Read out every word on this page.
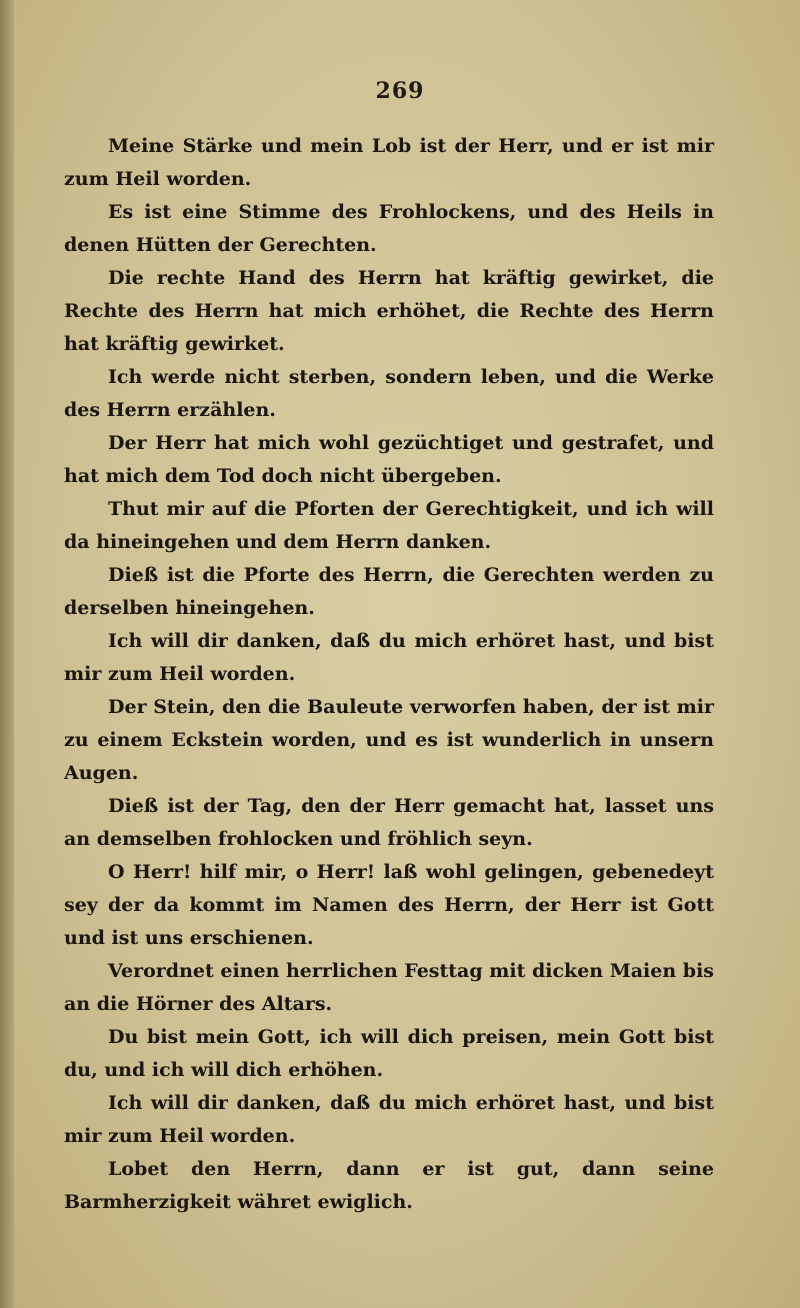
269

Meine Stärke und mein Lob ist der Herr, und er ist mir zum Heil worden.

Es ist eine Stimme des Frohlockens, und des Heils in denen Hütten der Gerechten.

Die rechte Hand des Herrn hat kräftig gewirket, die Rechte des Herrn hat mich erhöhet, die Rechte des Herrn hat kräftig gewirket.

Ich werde nicht sterben, sondern leben, und die Werke des Herrn erzählen.

Der Herr hat mich wohl gezüchtiget und gestrafet, und hat mich dem Tod doch nicht übergeben.

Thut mir auf die Pforten der Gerechtigkeit, und ich will da hineingehen und dem Herrn danken.

Dieß ist die Pforte des Herrn, die Gerechten werden zu derselben hineingehen.

Ich will dir danken, daß du mich erhöret hast, und bist mir zum Heil worden.

Der Stein, den die Bauleute verworfen haben, der ist mir zu einem Eckstein worden, und es ist wunderlich in unsern Augen.

Dieß ist der Tag, den der Herr gemacht hat, lasset uns an demselben frohlocken und fröhlich seyn.

O Herr! hilf mir, o Herr! laß wohl gelingen, gebenedeyt sey der da kommt im Namen des Herrn, der Herr ist Gott und ist uns erschienen.

Verordnet einen herrlichen Festtag mit dicken Maien bis an die Hörner des Altars.

Du bist mein Gott, ich will dich preisen, mein Gott bist du, und ich will dich erhöhen.

Ich will dir danken, daß du mich erhöret hast, und bist mir zum Heil worden.

Lobet den Herrn, dann er ist gut, dann seine Barmherzigkeit währet ewiglich.
